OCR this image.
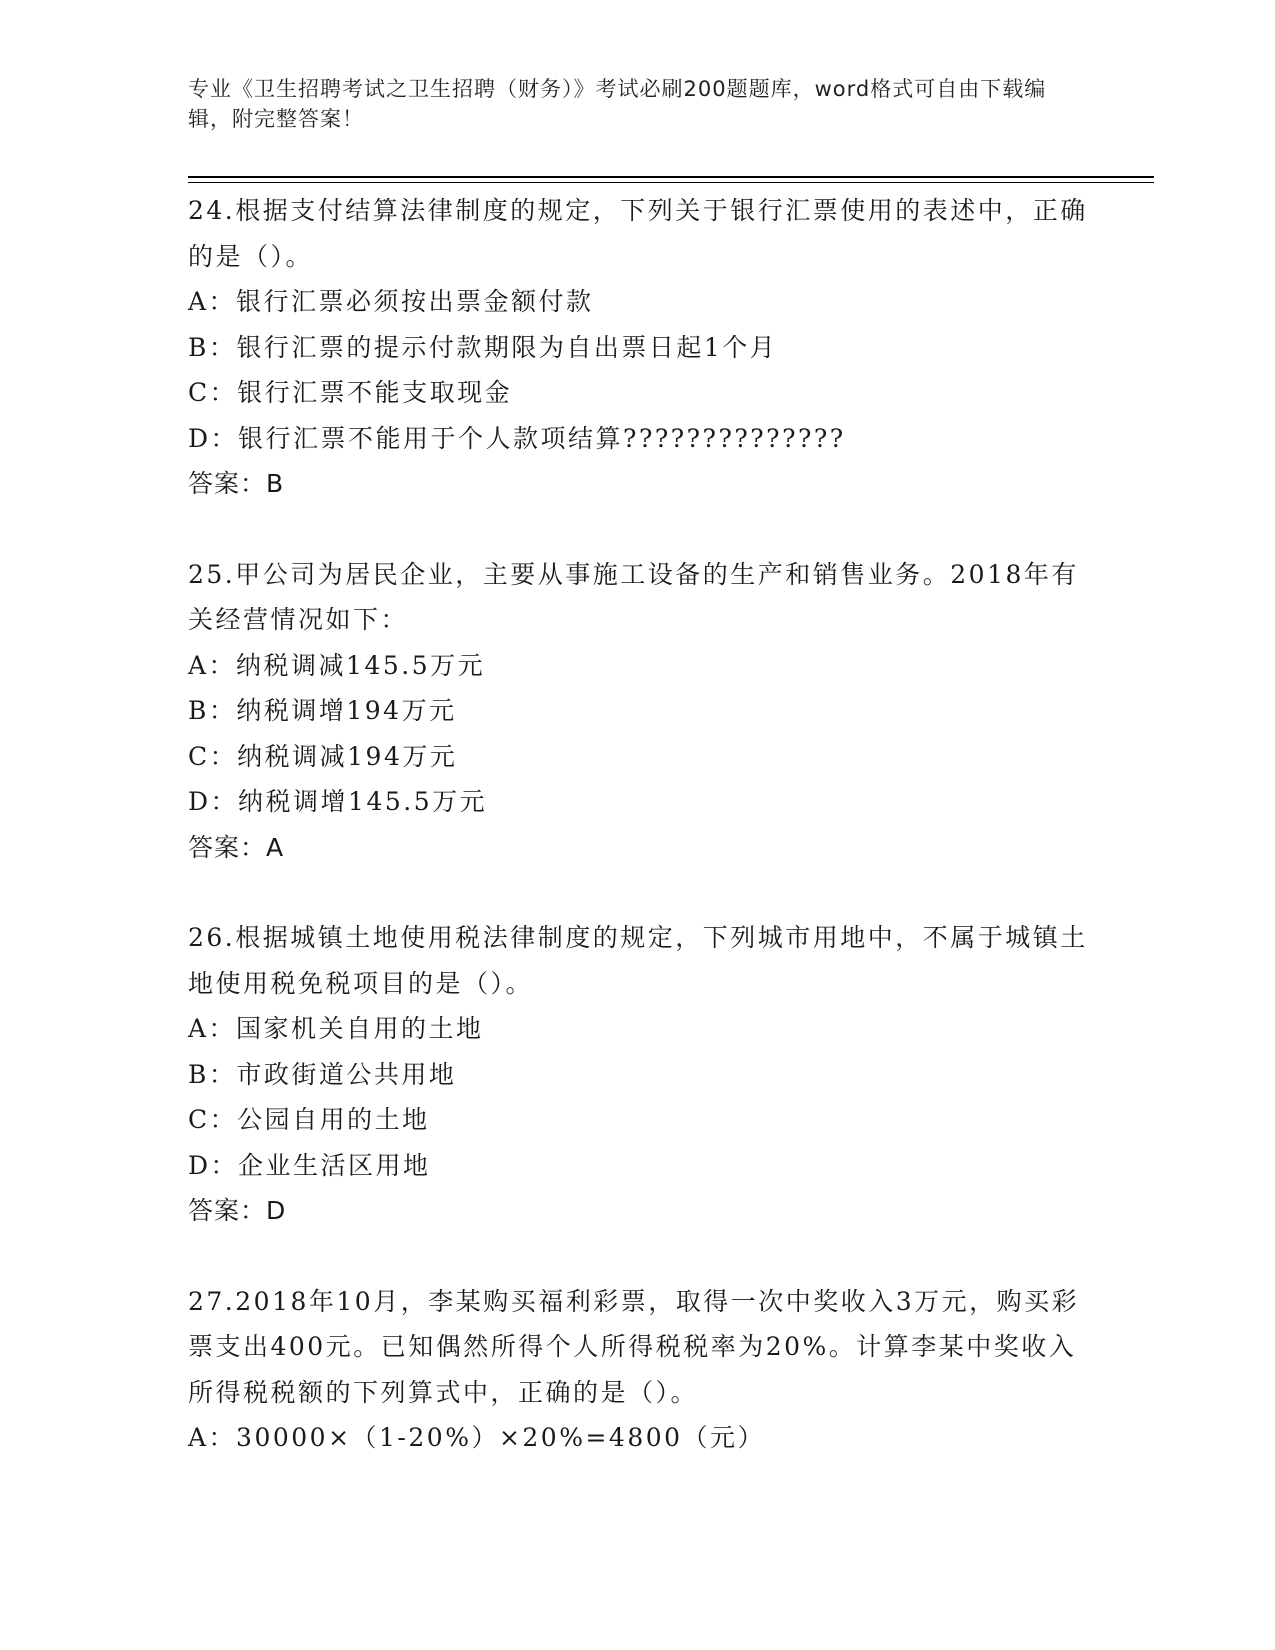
专业《卫生招聘考试之卫生招聘（财务）》考试必刷200题题库，word格式可自由下载编辑，附完整答案！
24.根据支付结算法律制度的规定，下列关于银行汇票使用的表述中，正确的是（）。
A：银行汇票必须按出票金额付款
B：银行汇票的提示付款期限为自出票日起1个月
C：银行汇票不能支取现金
D：银行汇票不能用于个人款项结算??????????????
答案：B
25.甲公司为居民企业，主要从事施工设备的生产和销售业务。2018年有关经营情况如下：
A：纳税调减145.5万元
B：纳税调增194万元
C：纳税调减194万元
D：纳税调增145.5万元
答案：A
26.根据城镇土地使用税法律制度的规定，下列城市用地中，不属于城镇土地使用税免税项目的是（）。
A：国家机关自用的土地
B：市政街道公共用地
C：公园自用的土地
D：企业生活区用地
答案：D
27.2018年10月，李某购买福利彩票，取得一次中奖收入3万元，购买彩票支出400元。已知偶然所得个人所得税税率为20%。计算李某中奖收入所得税税额的下列算式中，正确的是（）。
A：30000×（1-20%）×20%=4800（元）
